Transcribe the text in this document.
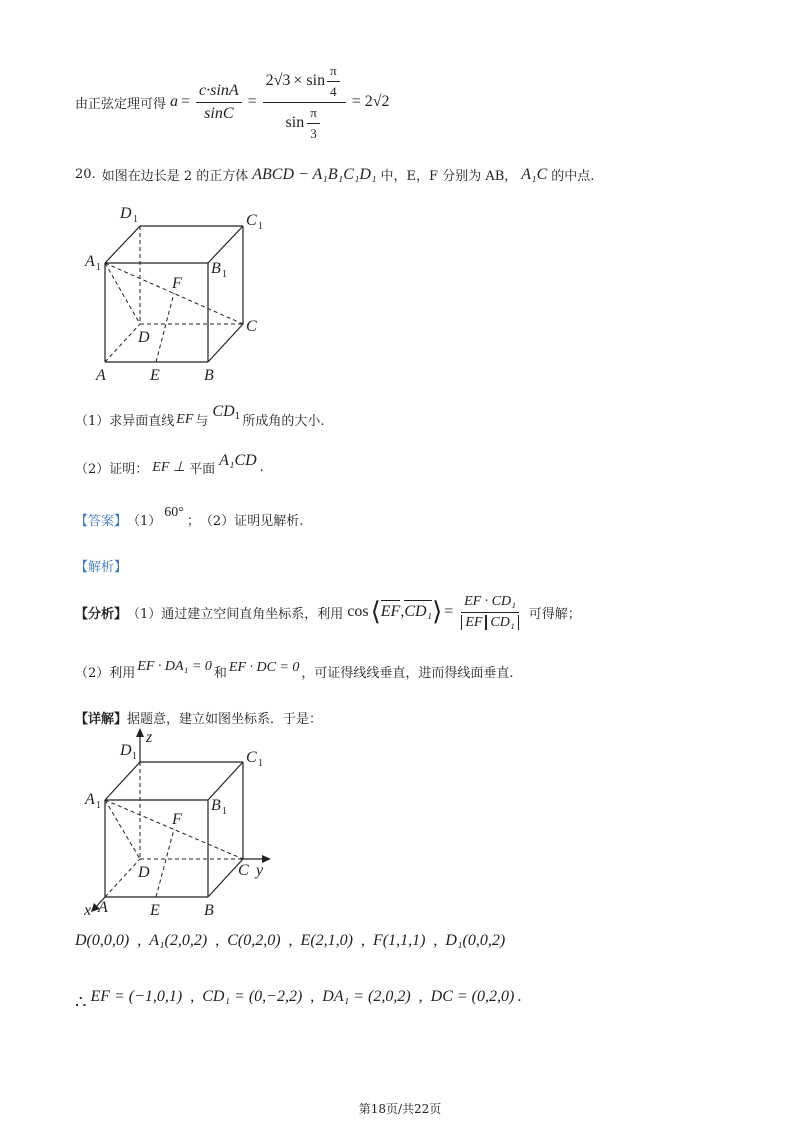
由正弦定理可得 $a = \frac{c\cdot\sin A}{\sin C} = \frac{2√3 \times \sin \frac{\pi}{4}}{\sin \frac{\pi}{3}} = 2√2$
20. 如图在边长是 2 的正方体 ABCD − A₁B₁C₁D₁ 中，E，F 分别为 AB， A₁C 的中点.
D 1	C 1
A 1	B 1
F
C
D
A	E	B
（1）求异面直线 EF 与
CD 1 所成角的大小.
（2）证明： EF ⊥ 平面
A₁CD .
【答案】 （1）
60°
； （2）证明见解析.
【解析】
【分析】 （1）通过建立空间直角坐标系，利用 cos ⟨ EF , CD₁ ⟩ = $\frac{\text{EF · CD₁}}{\text{EF CD₁}}$ 可得解；
（2）利用 EF · DA₁ = 0 和 EF · DC = 0 ，可证得线线垂直，进而得线面垂直.
【详解】据题意，建立如图坐标系．于是：
D 1
z
C 1
A 1	B 1
F
C y
D
x A	E	B
D(0,0,0) , A₁(2,0,2) , C(0,2,0) , E(2,1,0) , F(1,1,1) , D₁(0,0,2)
∴ EF = (−1,0,1) , CD₁ = (0,−2,2) , DA₁ = (2,0,2) , DC = (0,2,0) .
第18页/共22页
